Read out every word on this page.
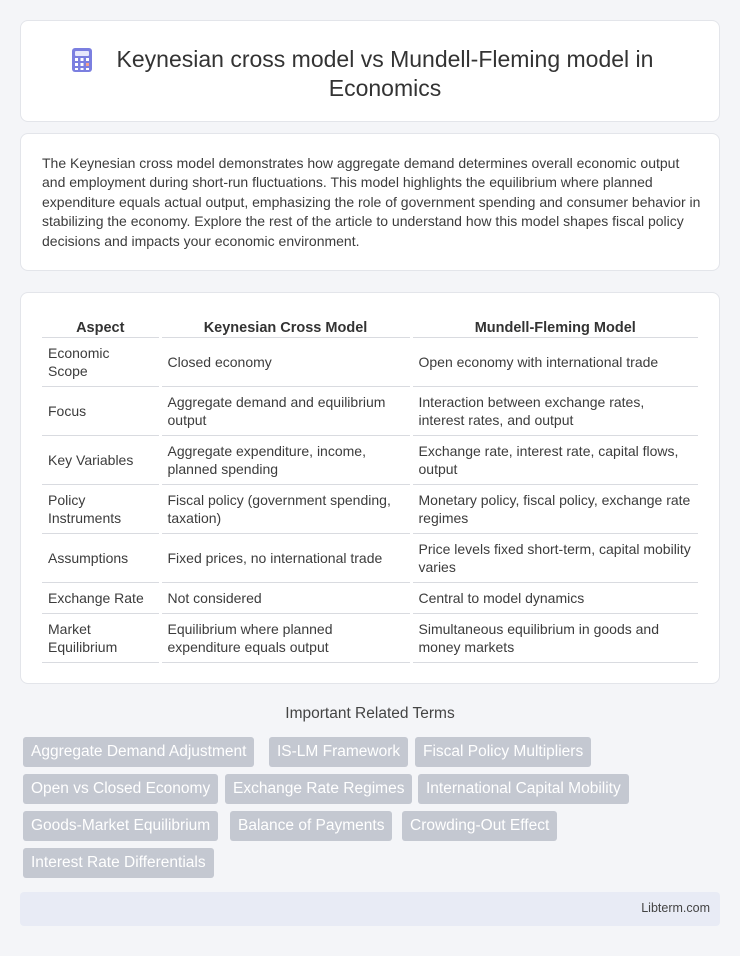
Keynesian cross model vs Mundell-Fleming model in Economics

The Keynesian cross model demonstrates how aggregate demand determines overall economic output and employment during short-run fluctuations. This model highlights the equilibrium where planned expenditure equals actual output, emphasizing the role of government spending and consumer behavior in stabilizing the economy. Explore the rest of the article to understand how this model shapes fiscal policy decisions and impacts your economic environment.

Aspect	Keynesian Cross Model	Mundell-Fleming Model
Economic Scope	Closed economy	Open economy with international trade
Focus	Aggregate demand and equilibrium output	Interaction between exchange rates, interest rates, and output
Key Variables	Aggregate expenditure, income, planned spending	Exchange rate, interest rate, capital flows, output
Policy Instruments	Fiscal policy (government spending, taxation)	Monetary policy, fiscal policy, exchange rate regimes
Assumptions	Fixed prices, no international trade	Price levels fixed short-term, capital mobility varies
Exchange Rate	Not considered	Central to model dynamics
Market Equilibrium	Equilibrium where planned expenditure equals output	Simultaneous equilibrium in goods and money markets
Important Related Terms
Aggregate Demand Adjustment	IS-LM Framework	Fiscal Policy Multipliers
Open vs Closed Economy	Exchange Rate Regimes	International Capital Mobility
Goods-Market Equilibrium	Balance of Payments	Crowding-Out Effect
Interest Rate Differentials
Libterm.com
